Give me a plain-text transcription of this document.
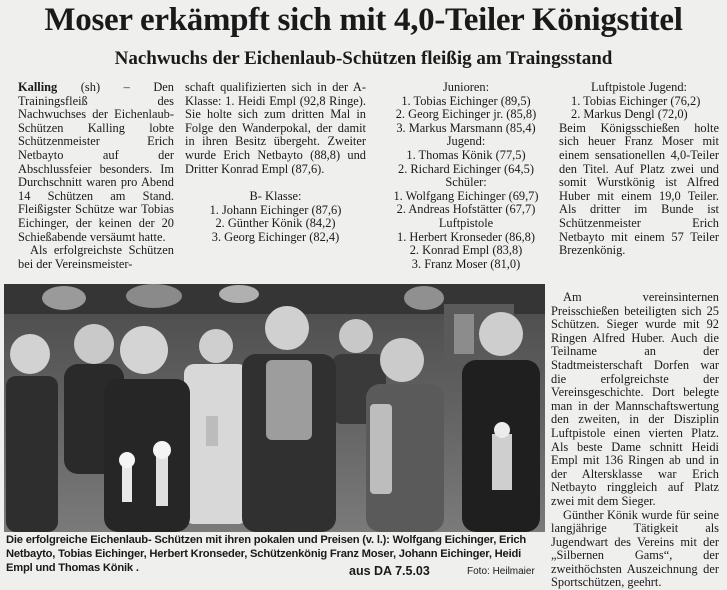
Moser erkämpft sich mit 4,0-Teiler Königstitel
Nachwuchs der Eichenlaub-Schützen fleißig am Traingsstand

Kalling (sh) – Den Trainingsfleiß des Nachwuchses der Eichenlaub-Schützen Kalling lobte Schützenmeister Erich Netbayto auf der Abschlussfeier besonders. Im Durchschnitt waren pro Abend 14 Schützen am Stand. Fleißigster Schütze war Tobias Eichinger, der keinen der 20 Schießabende versäumt hatte.

Als erfolgreichste Schützen bei der Vereinsmeister-

schaft qualifizierten sich in der A-Klasse: 1. Heidi Empl (92,8 Ringe). Sie holte sich zum dritten Mal in Folge den Wanderpokal, der damit in ihren Besitz übergeht. Zweiter wurde Erich Netbayto (88,8) und Dritter Konrad Empl (87,6).

B- Klasse:
1. Johann Eichinger (87,6)
2. Günther Könik (84,2)
3. Georg Eichinger (82,4)
Junioren:
1. Tobias Eichinger (89,5)
2. Georg Eichinger jr. (85,8)
3. Markus Marsmann (85,4)
Jugend:
1. Thomas Könik (77,5)
2. Richard Eichinger (64,5)
Schüler:
1. Wolfgang Eichinger (69,7)
2. Andreas Hofstätter (67,7)
Luftpistole
1. Herbert Kronseder (86,8)
2. Konrad Empl (83,8)
3. Franz Moser (81,0)
Luftpistole Jugend:
1. Tobias Eichinger (76,2)
2. Markus Dengl (72,0)

Beim Königsschießen holte sich heuer Franz Moser mit einem sensationellen 4,0-Teiler den Titel. Auf Platz zwei und somit Wurstkönig ist Alfred Huber mit einem 19,0 Teiler. Als dritter im Bunde ist Schützenmeister Erich Netbayto mit einem 57 Teiler Brezenkönig.

Am vereinsinternen Preisschießen beteiligten sich 25 Schützen. Sieger wurde mit 92 Ringen Alfred Huber. Auch die Teilname an der Stadtmeisterschaft Dorfen war die erfolgreichste der Vereinsgeschichte. Dort belegte man in der Mannschaftswertung den zweiten, in der Disziplin Luftpistole einen vierten Platz. Als beste Dame schnitt Heidi Empl mit 136 Ringen ab und in der Altersklasse war Erich Netbayto ringgleich auf Platz zwei mit dem Sieger.

Günther Könik wurde für seine langjährige Tätigkeit als Jugendwart des Vereins mit der „Silbernen Gams“, der zweithöchsten Auszeichnung der Sportschützen, geehrt.

Die erfolgreiche Eichenlaub- Schützen mit ihren pokalen und Preisen (v. l.): Wolfgang Eichinger, Erich Netbayto, Tobias Eichinger, Herbert Kronseder, Schützenkönig Franz Moser, Johann Eichinger, Heidi Empl und Thomas Könik .	aus DA 7.5.03	Foto: Heilmaier
